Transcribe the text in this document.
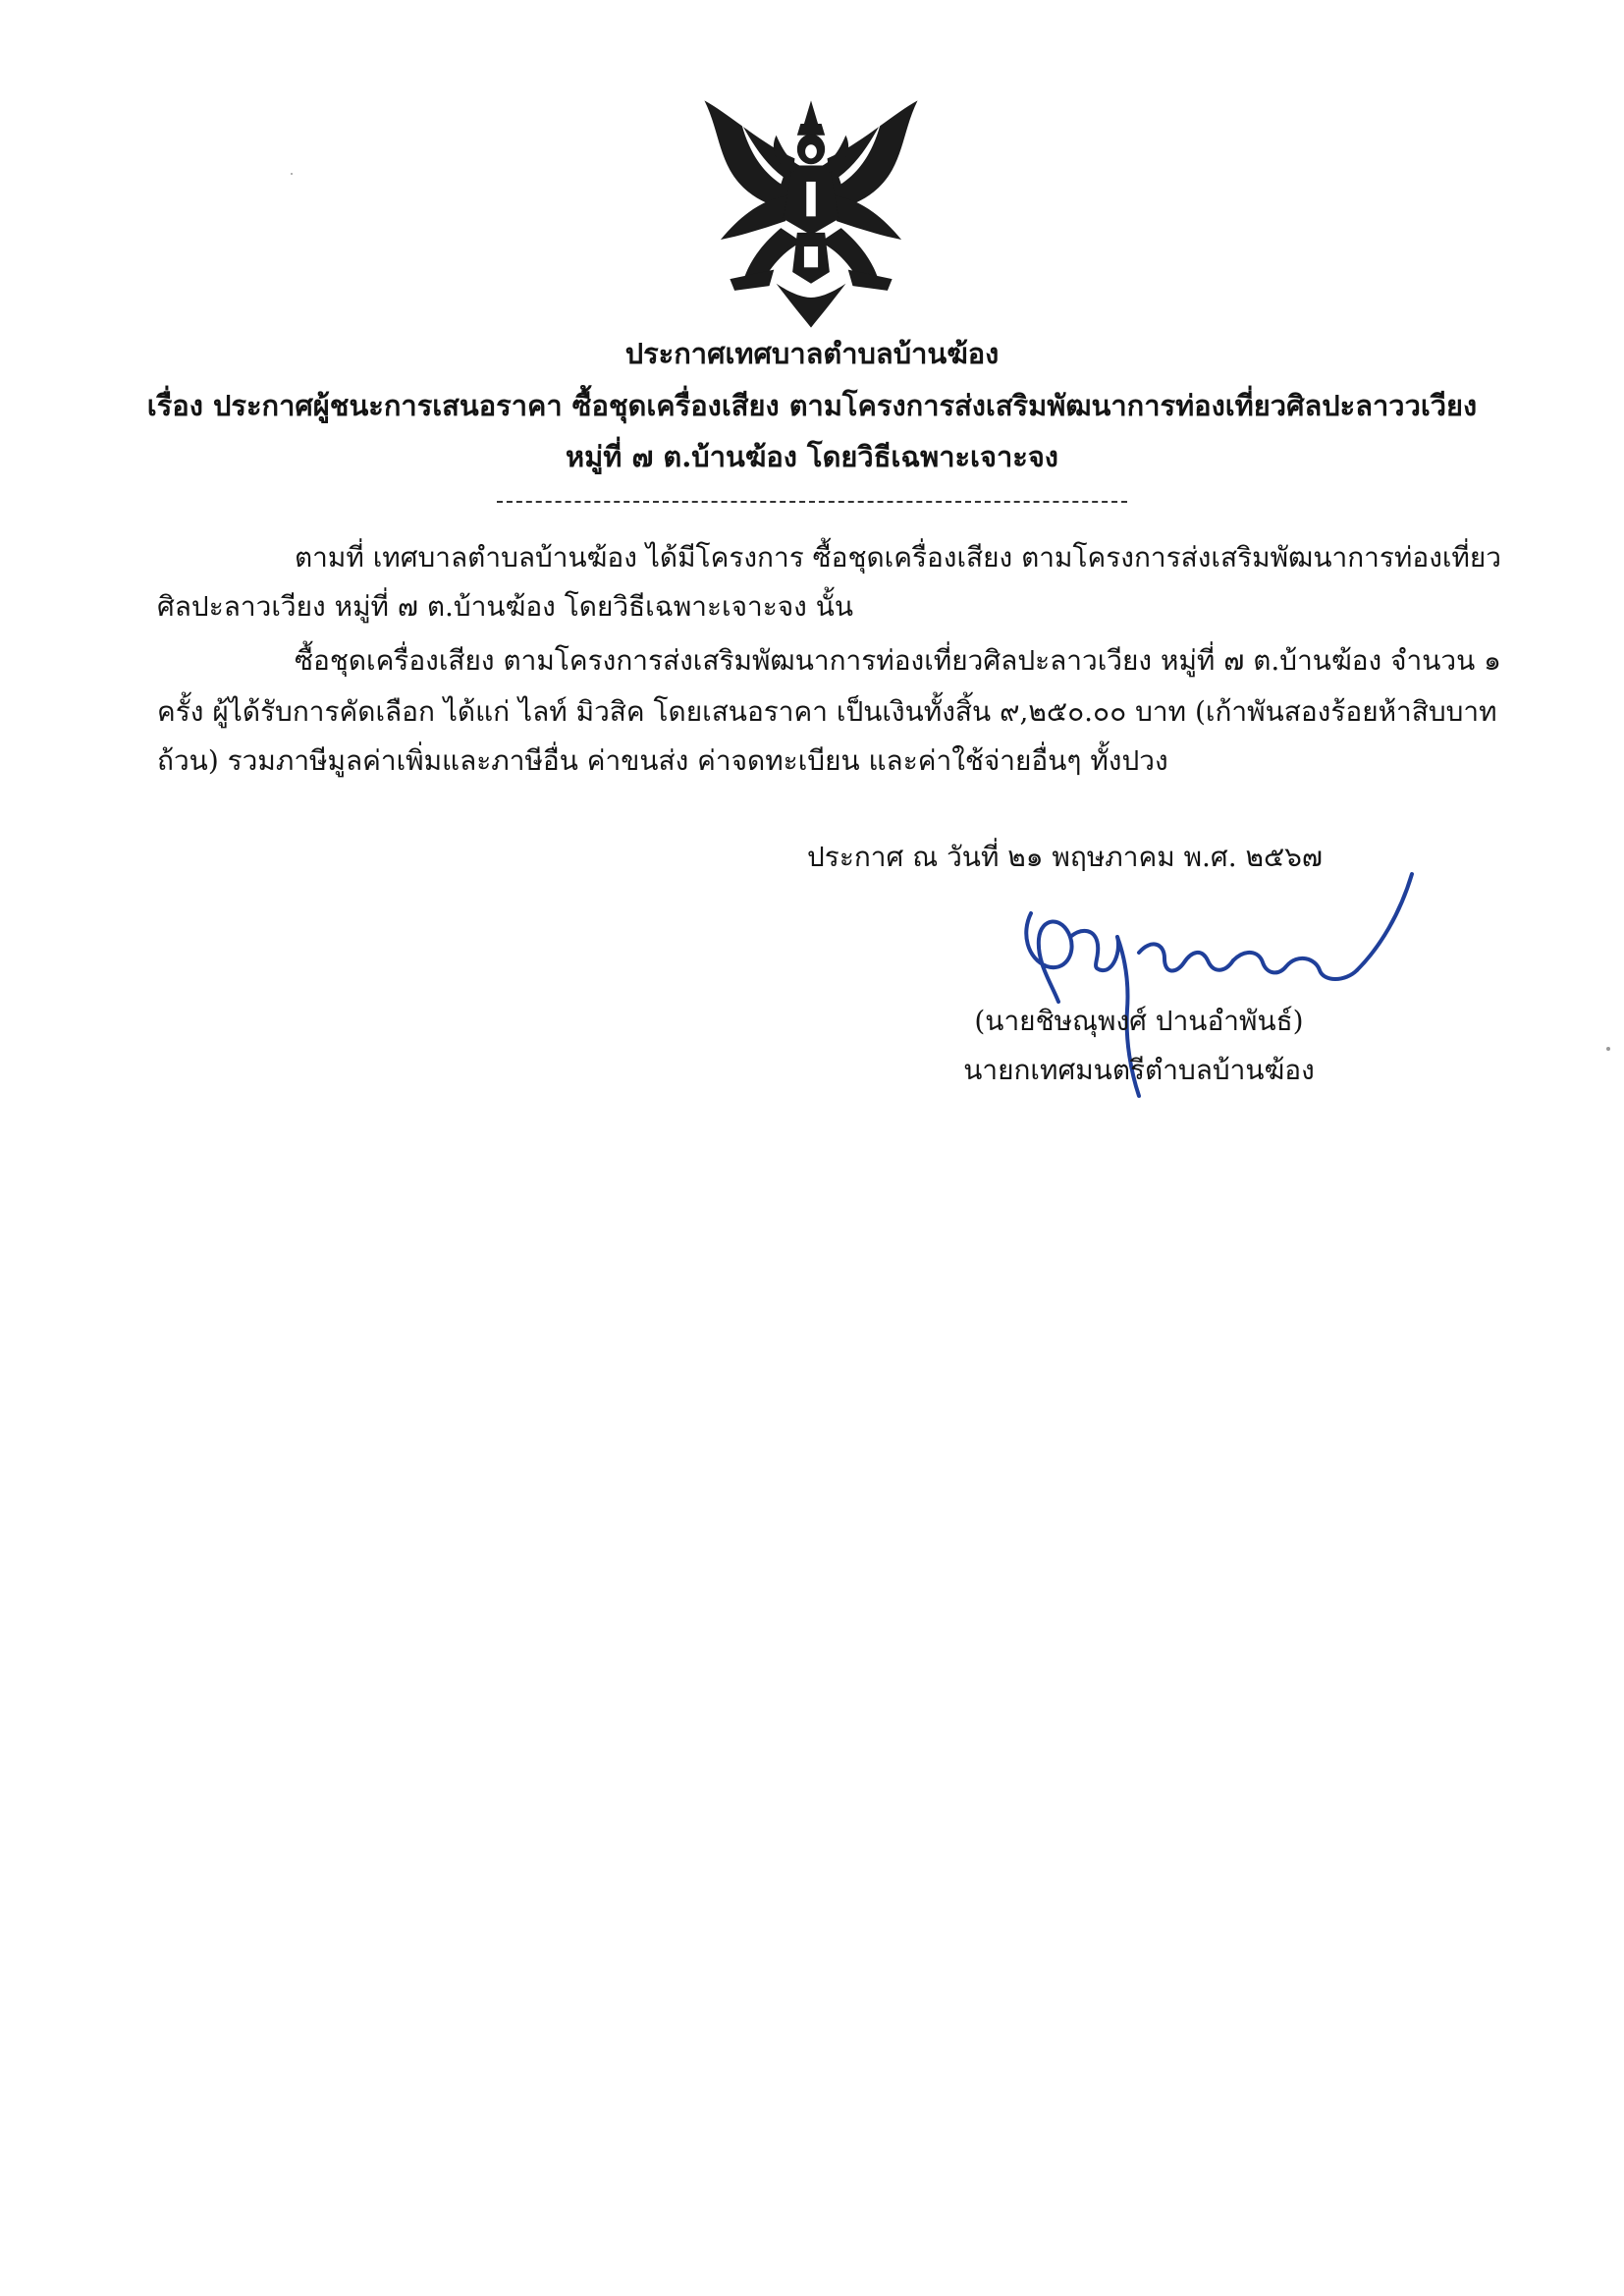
ประกาศเทศบาลตำบลบ้านฆ้อง
เรื่อง ประกาศผู้ชนะการเสนอราคา ซื้อชุดเครื่องเสียง ตามโครงการส่งเสริมพัฒนาการท่องเที่ยวศิลปะลาววเวียง
หมู่ที่ ๗ ต.บ้านฆ้อง โดยวิธีเฉพาะเจาะจง
ตามที่ เทศบาลตำบลบ้านฆ้อง ได้มีโครงการ ซื้อชุดเครื่องเสียง ตามโครงการส่งเสริมพัฒนาการท่องเที่ยว
ศิลปะลาวเวียง หมู่ที่ ๗ ต.บ้านฆ้อง โดยวิธีเฉพาะเจาะจง นั้น
ซื้อชุดเครื่องเสียง ตามโครงการส่งเสริมพัฒนาการท่องเที่ยวศิลปะลาวเวียง หมู่ที่ ๗ ต.บ้านฆ้อง จำนวน ๑
ครั้ง ผู้ได้รับการคัดเลือก ได้แก่ ไลท์ มิวสิค โดยเสนอราคา เป็นเงินทั้งสิ้น ๙,๒๕๐.๐๐ บาท (เก้าพันสองร้อยห้าสิบบาท
ถ้วน) รวมภาษีมูลค่าเพิ่มและภาษีอื่น ค่าขนส่ง ค่าจดทะเบียน และค่าใช้จ่ายอื่นๆ ทั้งปวง
ประกาศ ณ วันที่ ๒๑ พฤษภาคม พ.ศ. ๒๕๖๗
(นายชิษณุพงศ์ ปานอำพันธ์)
นายกเทศมนตรีตำบลบ้านฆ้อง
